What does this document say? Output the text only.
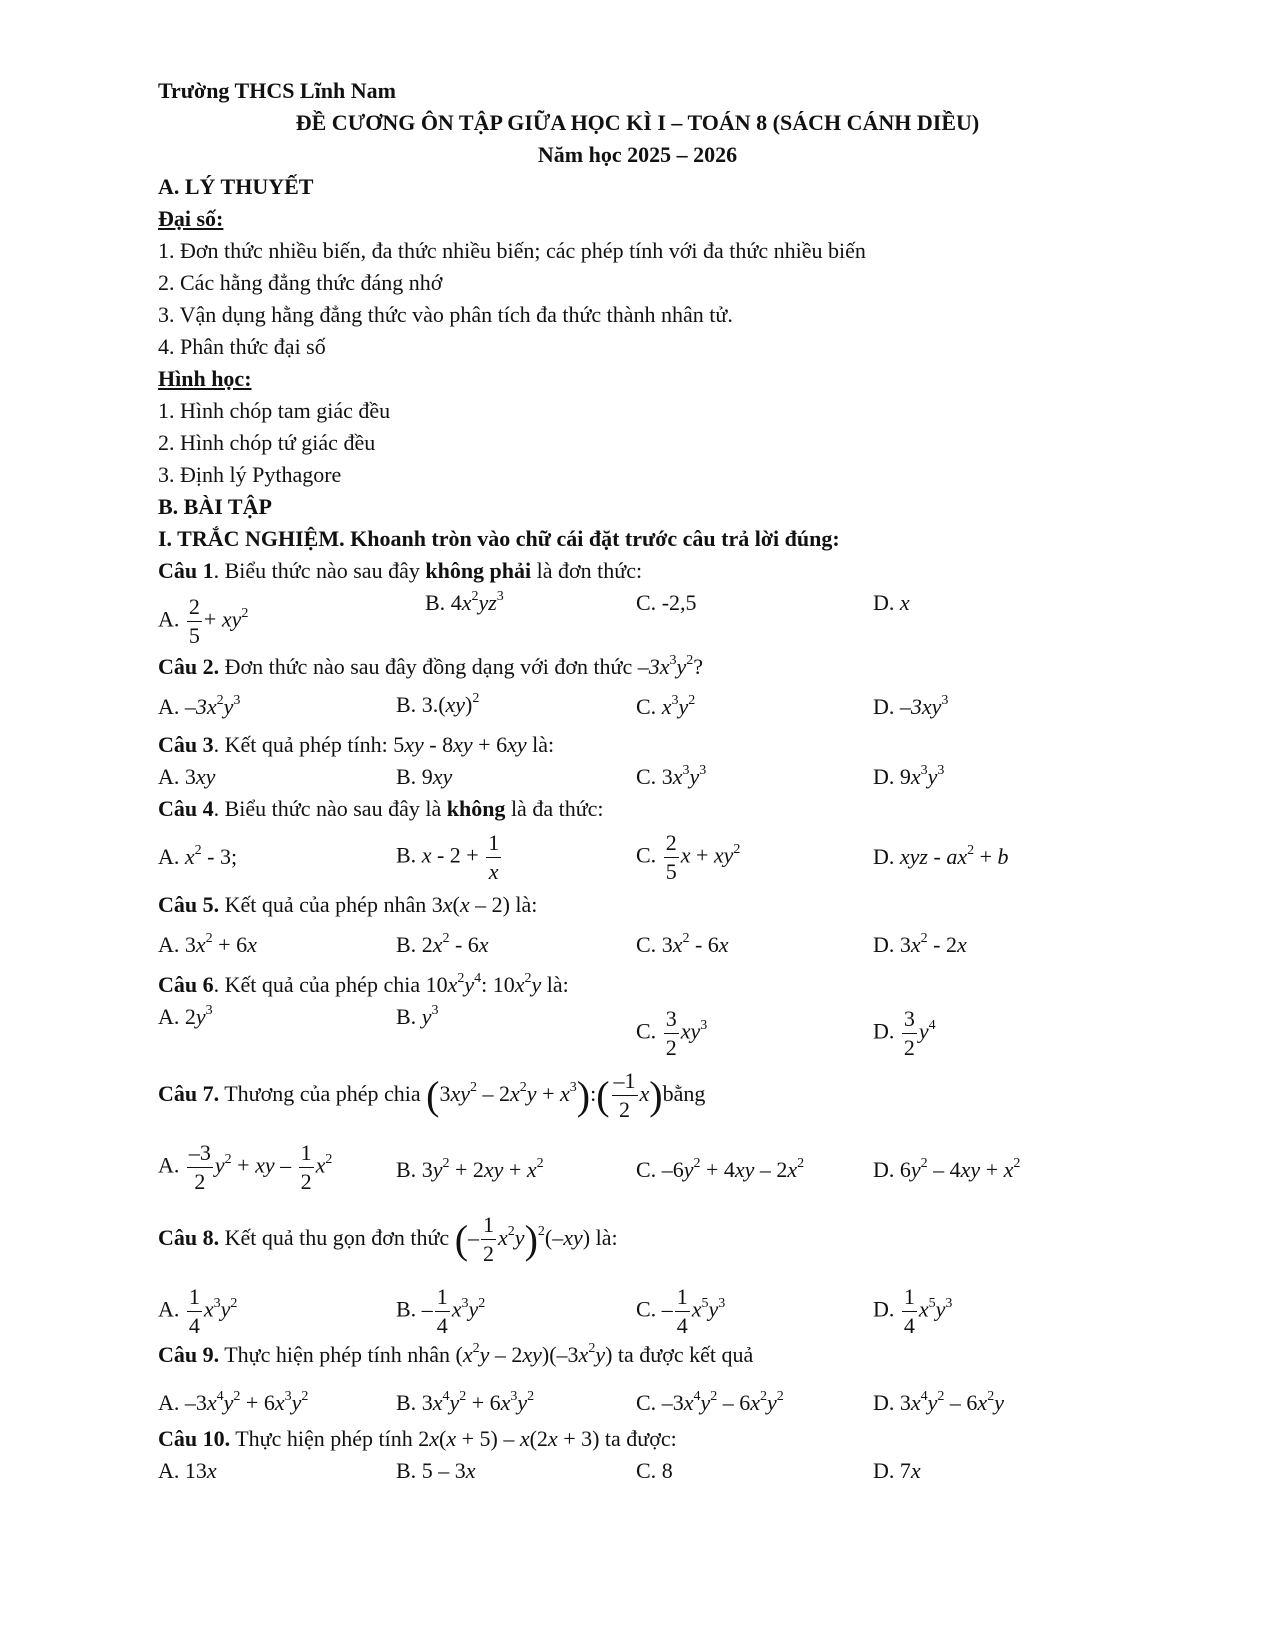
Trường THCS Lĩnh Nam
ĐỀ CƯƠNG ÔN TẬP GIỮA HỌC KÌ I – TOÁN 8 (SÁCH CÁNH DIỀU)
Năm học 2025 – 2026
A. LÝ THUYẾT
Đại số:
1. Đơn thức nhiều biến, đa thức nhiều biến; các phép tính với đa thức nhiều biến
2. Các hằng đẳng thức đáng nhớ
3. Vận dụng hằng đẳng thức vào phân tích đa thức thành nhân tử.
4. Phân thức đại số
Hình học:
1. Hình chóp tam giác đều
2. Hình chóp tứ giác đều
3. Định lý Pythagore
B. BÀI TẬP
I. TRẮC NGHIỆM. Khoanh tròn vào chữ cái đặt trước câu trả lời đúng:
Câu 1. Biểu thức nào sau đây không phải là đơn thức:
A. $\frac{2}{5} + xy^2$	B. $4x^2yz^3$	C. -2,5	D. x
Câu 2. Đơn thức nào sau đây đồng dạng với đơn thức $-3x^3y^2$?
A. $-3x^2y^3$	B. 3.(xy)$^2$	C. $x^3y^2$	D. $-3xy^3$
Câu 3. Kết quả phép tính: 5xy - 8xy + 6xy là:
A. 3xy	B. 9xy	C. $3x^3y^3$	D. $9x^3y^3$
Câu 4. Biểu thức nào sau đây là không là đa thức:
A. $x^2 - 3$;	B. $x - 2 + \frac{1}{x}$	C. $\frac{2}{5}$ $x + xy^2$	D. xyz - $ax^2 + b$
Câu 5. Kết quả của phép nhân 3x(x – 2) là:
A. $3x^2 + 6x$	B. $2x^2 - 6x$	C. $3x^2 - 6x$	D. $3x^2 - 2x$
Câu 6. Kết quả của phép chia $10x^2y^4$: $10x^2y$ là:
A. $2y^3$	B. $y^3$
C. $\frac{3}{2} xy^3$	D. $\frac{3}{2} y^4$
Câu 7. Thương của phép chia ($3xy^2 - 2x^2y$ + $x^3):( \frac{-1}{2}$ x)bằng
A. $\frac{-3}{2} y^2$ + xy – $\frac{1}{2} x^2$	B. $3y^2 + 2xy + x^2$	C. $-6y^2 + 4xy - 2x^2$	D. $6y^2 - 4xy + x^2$
Câu 8. Kết quả thu gọn đơn thức (– $\frac{1}{2} x^2y)^2(-xy)$ là:
A. $\frac{1}{4} x^3y^2$	B. – $\frac{1}{4} x^3y^2$	C. – $\frac{1}{4} x^5y^3$	D. $\frac{1}{4} x^5y^3$
Câu 9. Thực hiện phép tính nhân $(x^2y - 2xy)(-3x^2y)$ ta được kết quả
A. $-3x^4y^2 + 6x^3y^2$	B. $3x^4y^2 + 6x^3y^2$	C. $-3x^4y^2 - 6x^2y^2$	D. $3x^4y^2 - 6x^2y$
Câu 10. Thực hiện phép tính 2x(x + 5) – x(2x + 3) ta được:
A. 13x	B. 5 – 3x	C. 8	D. 7x
